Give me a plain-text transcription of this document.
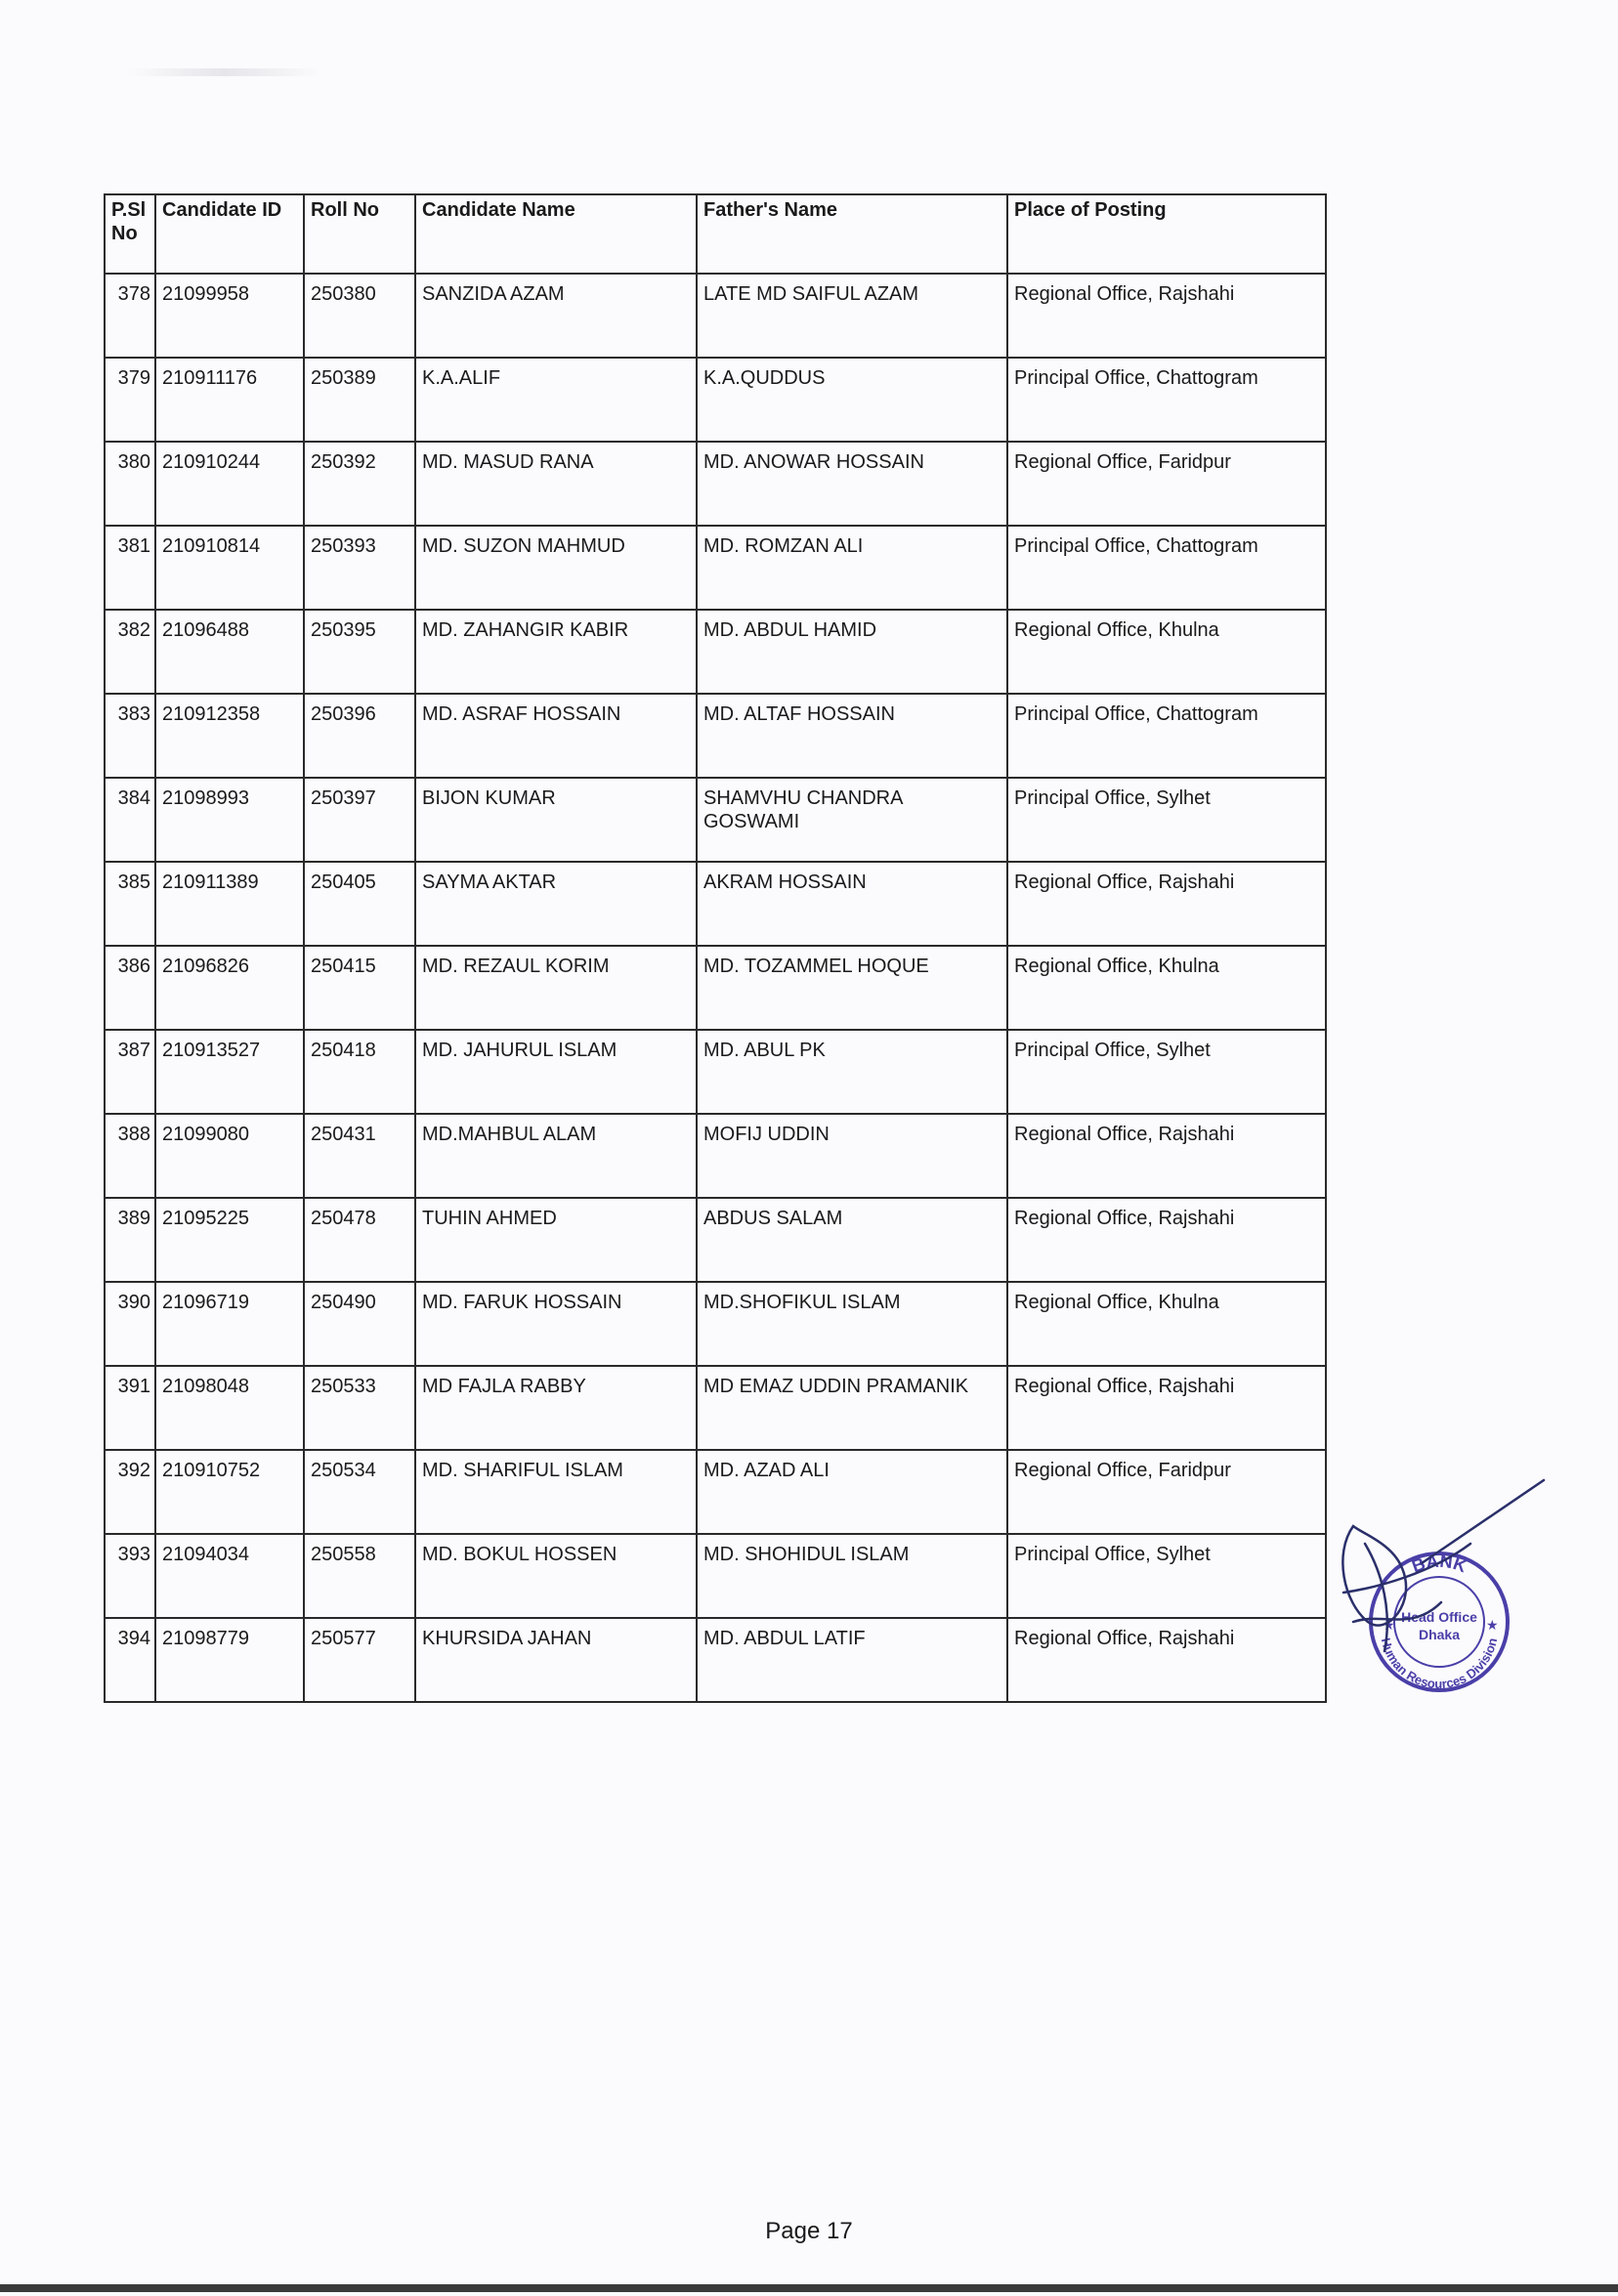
P.Sl No	Candidate ID	Roll No	Candidate Name	Father's Name	Place of Posting
378	21099958	250380	SANZIDA AZAM	LATE MD SAIFUL AZAM	Regional Office, Rajshahi
379	210911176	250389	K.A.ALIF	K.A.QUDDUS	Principal Office, Chattogram
380	210910244	250392	MD. MASUD RANA	MD. ANOWAR HOSSAIN	Regional Office, Faridpur
381	210910814	250393	MD. SUZON MAHMUD	MD. ROMZAN ALI	Principal Office, Chattogram
382	21096488	250395	MD. ZAHANGIR KABIR	MD. ABDUL HAMID	Regional Office, Khulna
383	210912358	250396	MD. ASRAF HOSSAIN	MD. ALTAF HOSSAIN	Principal Office, Chattogram
384	21098993	250397	BIJON KUMAR	SHAMVHU CHANDRA GOSWAMI	Principal Office, Sylhet
385	210911389	250405	SAYMA AKTAR	AKRAM HOSSAIN	Regional Office, Rajshahi
386	21096826	250415	MD. REZAUL KORIM	MD. TOZAMMEL HOQUE	Regional Office, Khulna
387	210913527	250418	MD. JAHURUL ISLAM	MD. ABUL PK	Principal Office, Sylhet
388	21099080	250431	MD.MAHBUL ALAM	MOFIJ UDDIN	Regional Office, Rajshahi
389	21095225	250478	TUHIN AHMED	ABDUS SALAM	Regional Office, Rajshahi
390	21096719	250490	MD. FARUK HOSSAIN	MD.SHOFIKUL ISLAM	Regional Office, Khulna
391	21098048	250533	MD FAJLA RABBY	MD EMAZ UDDIN PRAMANIK	Regional Office, Rajshahi
392	210910752	250534	MD. SHARIFUL ISLAM	MD. AZAD ALI	Regional Office, Faridpur
393	21094034	250558	MD. BOKUL HOSSEN	MD. SHOHIDUL ISLAM	Principal Office, Sylhet
394	21098779	250577	KHURSIDA JAHAN	MD. ABDUL LATIF	Regional Office, Rajshahi
BANK
Human Resources Division
Head Office
Dhaka
★	★
Page 17
